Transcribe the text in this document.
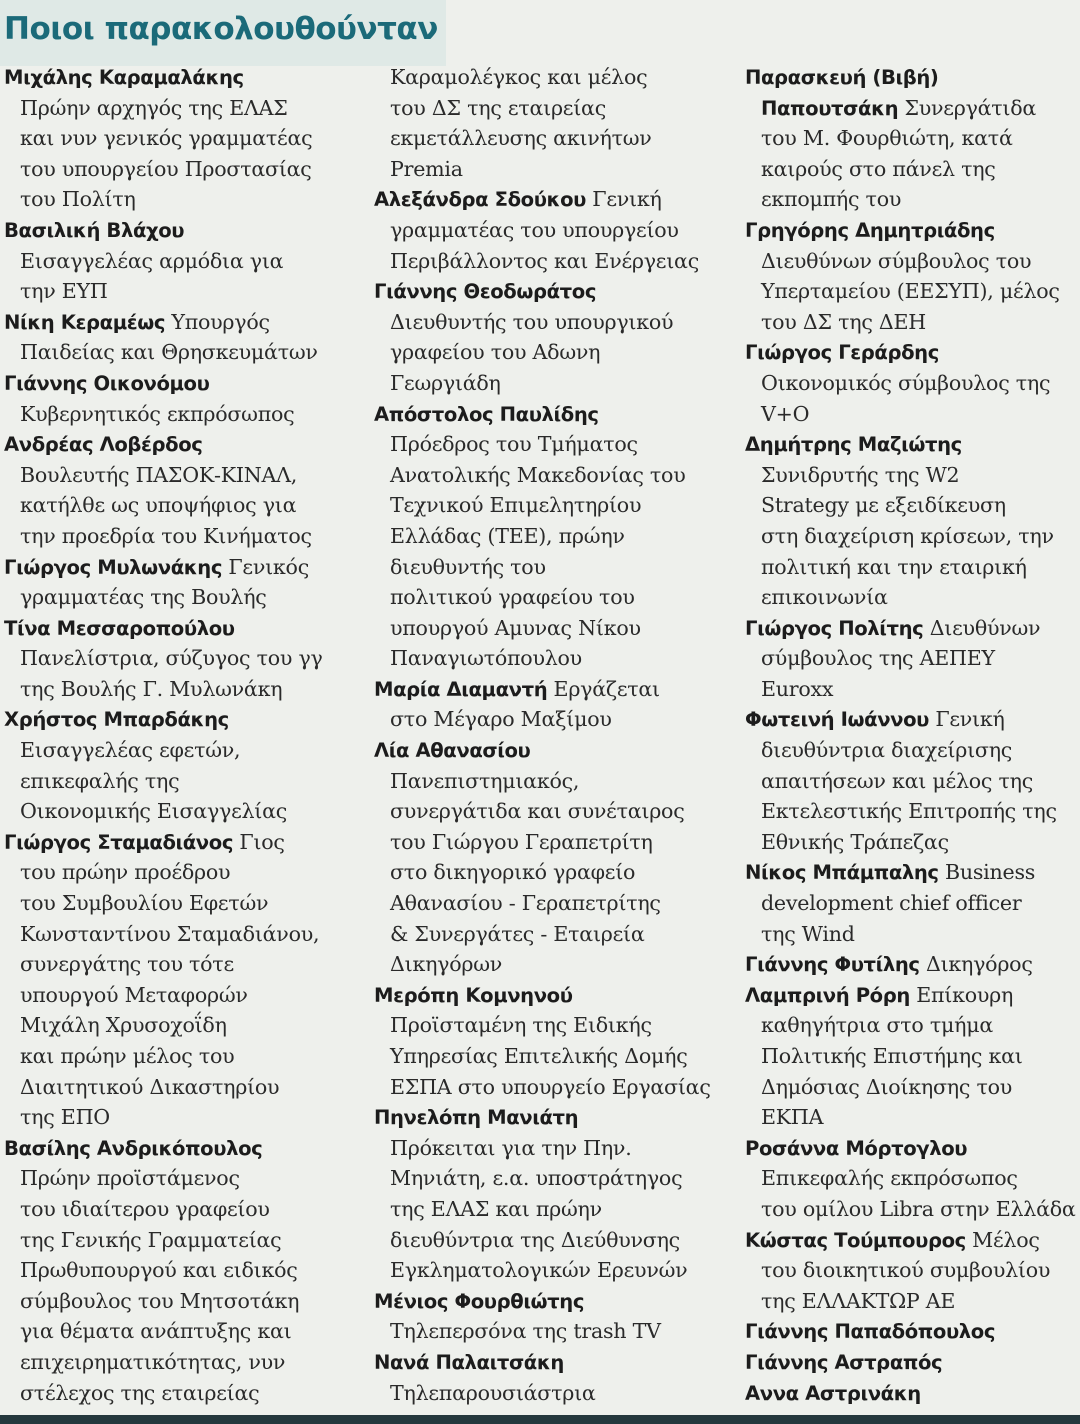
Ποιοι παρακολουθούνταν
Μιχάλης Καραμαλάκης
Πρώην αρχηγός της ΕΛΑΣ
και νυν γενικός γραμματέας
του υπουργείου Προστασίας
του Πολίτη
Βασιλική Βλάχου
Εισαγγελέας αρμόδια για
την ΕΥΠ
Νίκη Κεραμέως Υπουργός
Παιδείας και Θρησκευμάτων
Γιάννης Οικονόμου
Κυβερνητικός εκπρόσωπος
Ανδρέας Λοβέρδος
Βουλευτής ΠΑΣΟΚ-ΚΙΝΑΛ,
κατήλθε ως υποψήφιος για
την προεδρία του Κινήματος
Γιώργος Μυλωνάκης Γενικός
γραμματέας της Βουλής
Τίνα Μεσσαροπούλου
Πανελίστρια, σύζυγος του γγ
της Βουλής Γ. Μυλωνάκη
Χρήστος Μπαρδάκης
Εισαγγελέας εφετών,
επικεφαλής της
Οικονομικής Εισαγγελίας
Γιώργος Σταμαδιάνος Γιος
του πρώην προέδρου
του Συμβουλίου Εφετών
Κωνσταντίνου Σταμαδιάνου,
συνεργάτης του τότε
υπουργού Μεταφορών
Μιχάλη Χρυσοχοΐδη
και πρώην μέλος του
Διαιτητικού Δικαστηρίου
της ΕΠΟ
Βασίλης Ανδρικόπουλος
Πρώην προϊστάμενος
του ιδιαίτερου γραφείου
της Γενικής Γραμματείας
Πρωθυπουργού και ειδικός
σύμβουλος του Μητσοτάκη
για θέματα ανάπτυξης και
επιχειρηματικότητας, νυν
στέλεχος της εταιρείας
Καραμολέγκος και μέλος
του ΔΣ της εταιρείας
εκμετάλλευσης ακινήτων
Premia
Αλεξάνδρα Σδούκου Γενική
γραμματέας του υπουργείου
Περιβάλλοντος και Ενέργειας
Γιάννης Θεοδωράτος
Διευθυντής του υπουργικού
γραφείου του Αδωνη
Γεωργιάδη
Απόστολος Παυλίδης
Πρόεδρος του Τμήματος
Ανατολικής Μακεδονίας του
Τεχνικού Επιμελητηρίου
Ελλάδας (ΤΕΕ), πρώην
διευθυντής του
πολιτικού γραφείου του
υπουργού Αμυνας Νίκου
Παναγιωτόπουλου
Μαρία Διαμαντή Εργάζεται
στο Μέγαρο Μαξίμου
Λία Αθανασίου
Πανεπιστημιακός,
συνεργάτιδα και συνέταιρος
του Γιώργου Γεραπετρίτη
στο δικηγορικό γραφείο
Αθανασίου - Γεραπετρίτης
& Συνεργάτες - Εταιρεία
Δικηγόρων
Μερόπη Κομνηνού
Προϊσταμένη της Ειδικής
Υπηρεσίας Επιτελικής Δομής
ΕΣΠΑ στο υπουργείο Εργασίας
Πηνελόπη Μανιάτη
Πρόκειται για την Πην.
Μηνιάτη, ε.α. υποστράτηγος
της ΕΛΑΣ και πρώην
διευθύντρια της Διεύθυνσης
Εγκληματολογικών Ερευνών
Μένιος Φουρθιώτης
Τηλεπερσόνα της trash TV
Νανά Παλαιτσάκη
Τηλεπαρουσιάστρια
Παρασκευή (Βιβή)
Παπουτσάκη Συνεργάτιδα
του Μ. Φουρθιώτη, κατά
καιρούς στο πάνελ της
εκπομπής του
Γρηγόρης Δημητριάδης
Διευθύνων σύμβουλος του
Υπερταμείου (ΕΕΣΥΠ), μέλος
του ΔΣ της ΔΕΗ
Γιώργος Γεράρδης
Οικονομικός σύμβουλος της
V+O
Δημήτρης Μαζιώτης
Συνιδρυτής της W2
Strategy με εξειδίκευση
στη διαχείριση κρίσεων, την
πολιτική και την εταιρική
επικοινωνία
Γιώργος Πολίτης Διευθύνων
σύμβουλος της ΑΕΠΕΥ
Euroxx
Φωτεινή Ιωάννου Γενική
διευθύντρια διαχείρισης
απαιτήσεων και μέλος της
Εκτελεστικής Επιτροπής της
Εθνικής Τράπεζας
Νίκος Μπάμπαλης Business
development chief officer
της Wind
Γιάννης Φυτίλης Δικηγόρος
Λαμπρινή Ρόρη Επίκουρη
καθηγήτρια στο τμήμα
Πολιτικής Επιστήμης και
Δημόσιας Διοίκησης του
ΕΚΠΑ
Ροσάννα Μόρτογλου
Επικεφαλής εκπρόσωπος
του ομίλου Libra στην Ελλάδα
Κώστας Τούμπουρος Μέλος
του διοικητικού συμβουλίου
της ΕΛΛΑΚΤΩΡ ΑΕ
Γιάννης Παπαδόπουλος
Γιάννης Αστραπός
Αννα Αστρινάκη
